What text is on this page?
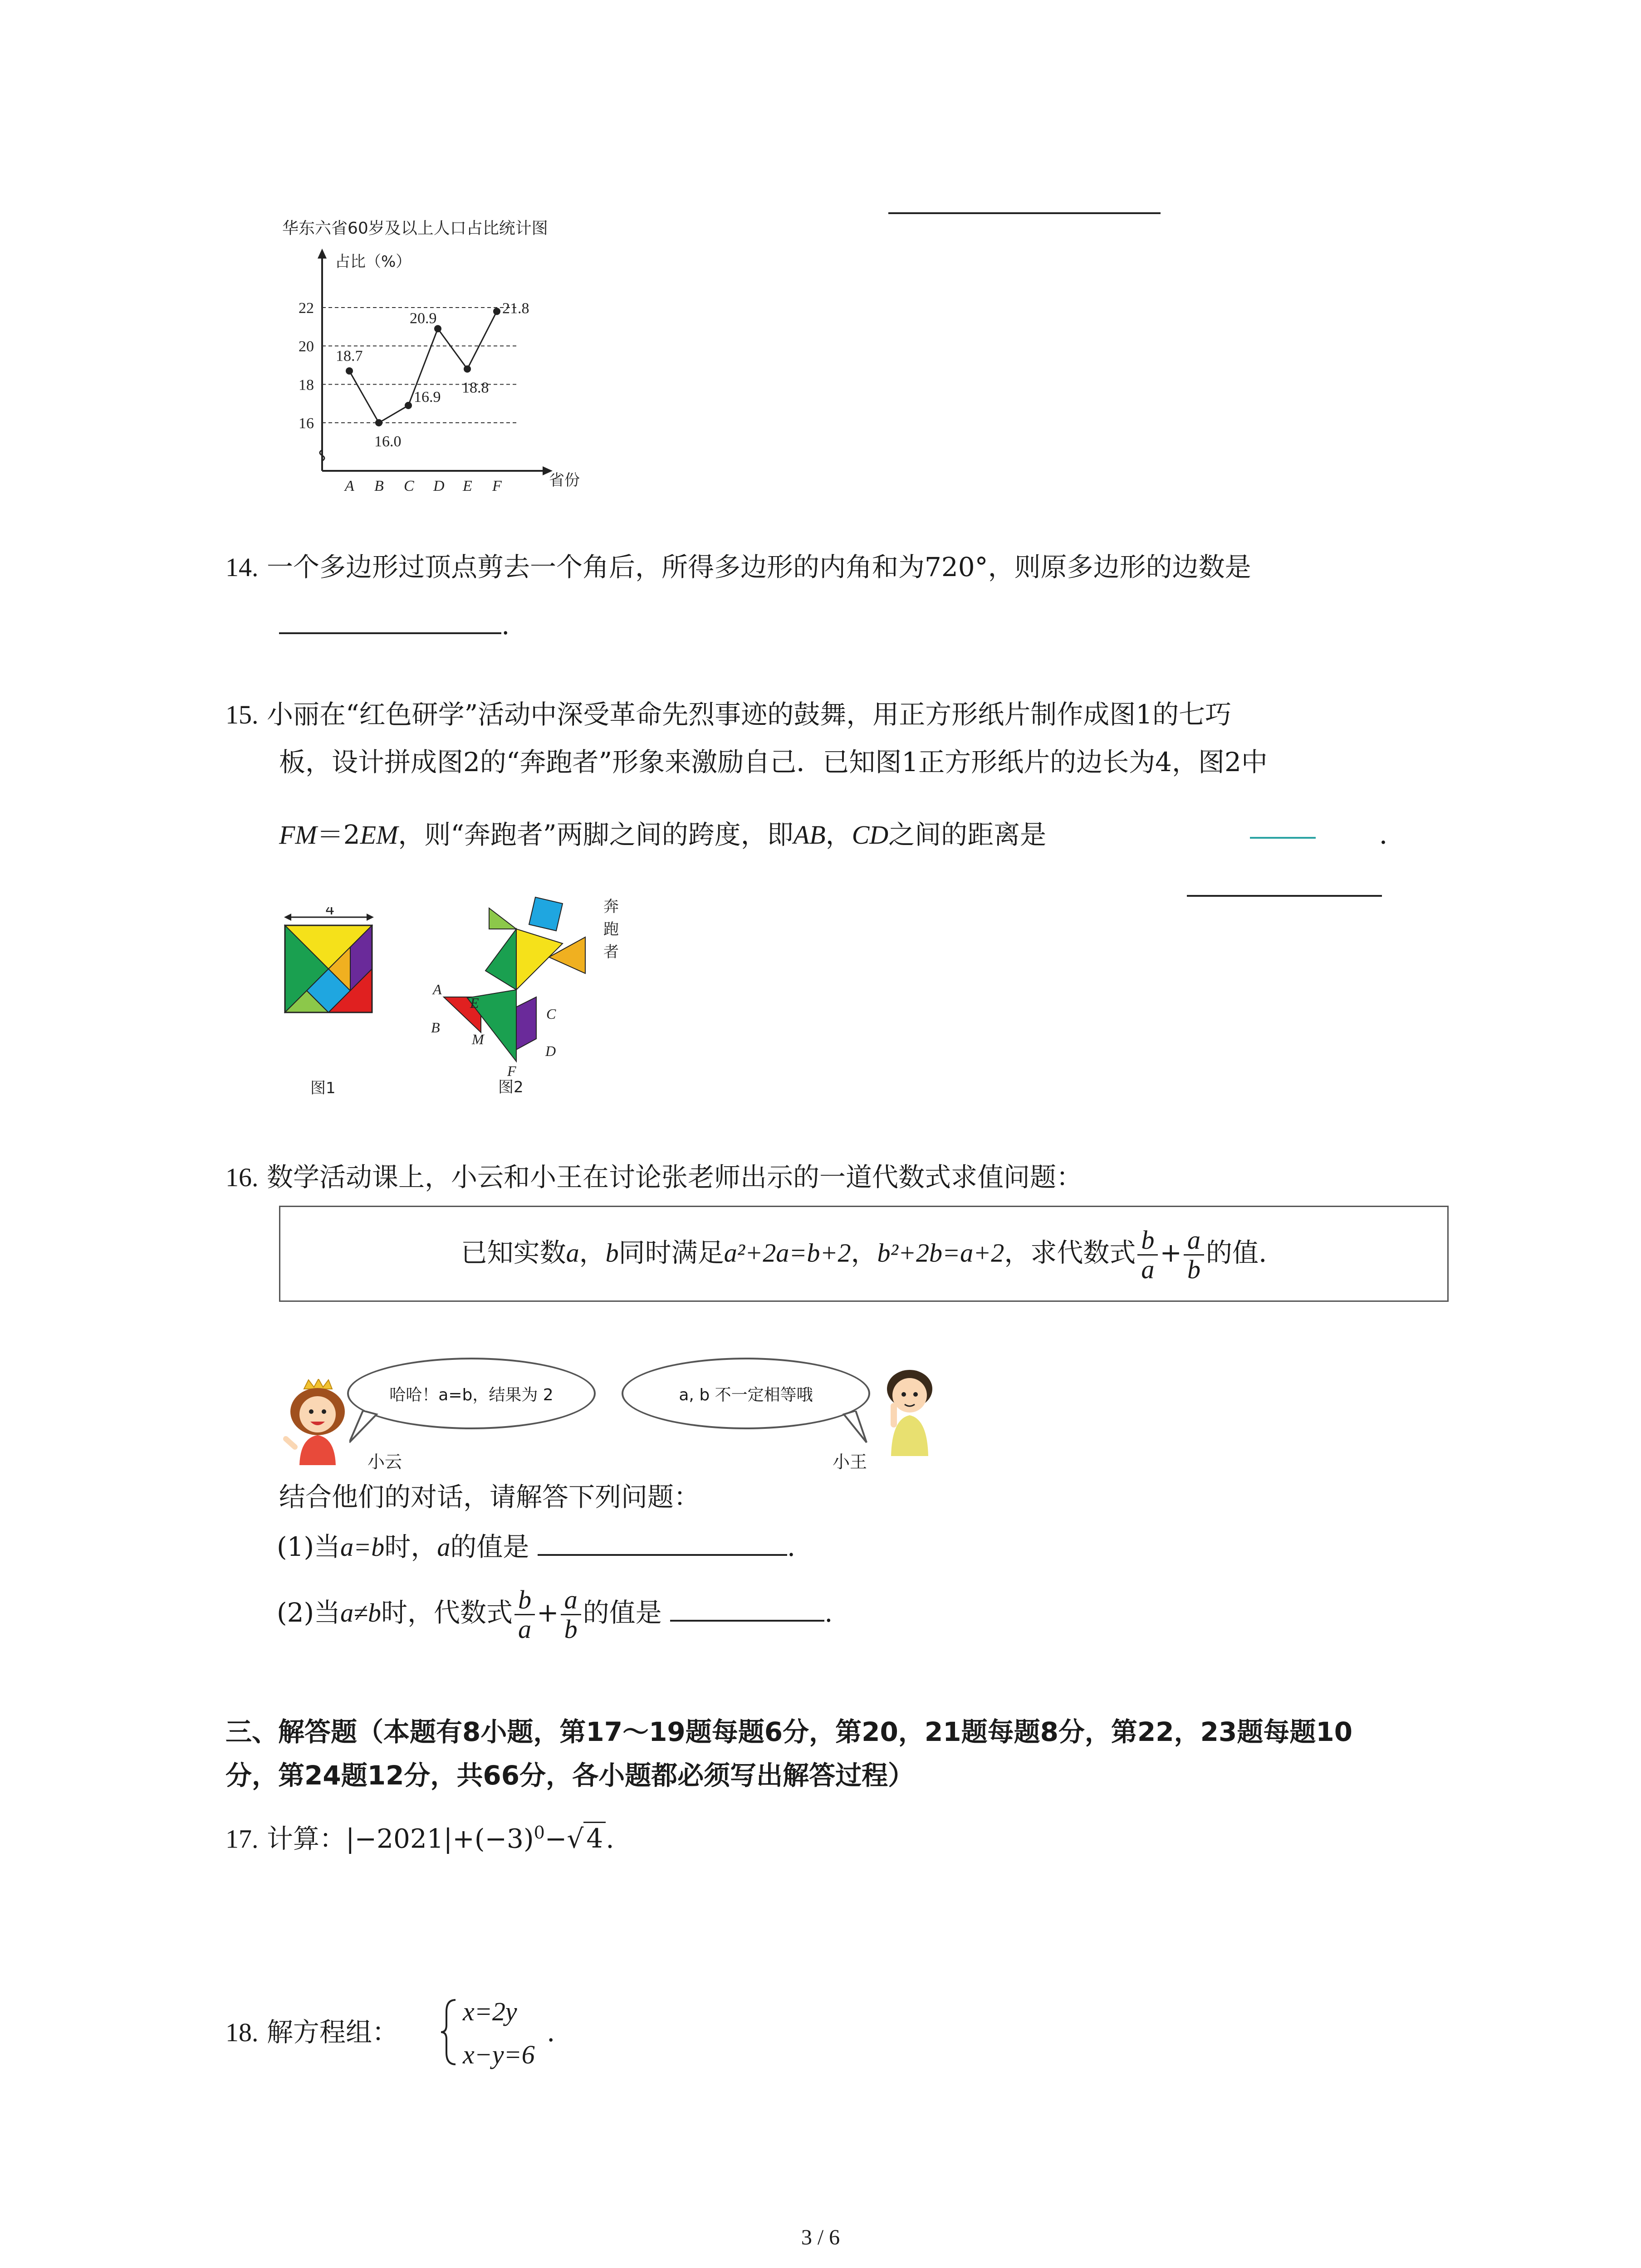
华东六省60岁及以上人口占比统计图
占比（%）
省份
16
18
20
22
A B C D E F
18.7
16.0
16.9
20.9
18.8
21.8
14. 一个多边形过顶点剪去一个角后，所得多边形的内角和为720°，则原多边形的边数是
.
15. 小丽在“红色研学”活动中深受革命先烈事迹的鼓舞，用正方形纸片制作成图1的七巧
板，设计拼成图2的“奔跑者”形象来激励自己．已知图1正方形纸片的边长为4，图2中
FM＝2EM，则“奔跑者”两脚之间的跨度，即AB，CD之间的距离是	．
4
图1
奔
跑
者
A
E
B
M
C
D
F
图2
16. 数学活动课上，小云和小王在讨论张老师出示的一道代数式求值问题：
已知实数a，b同时满足a²+2a=b+2，b²+2b=a+2，求代数式 $\frac{b}{a} + \frac{a}{b}$ 的值.
哈哈！a=b，结果为 2
小云
a, b 不一定相等哦
小王
结合他们的对话，请解答下列问题：
(1)当a=b时，a的值是	.
(2)当a≠b时，代数式 $\frac{b}{a} + \frac{a}{b}$ 的值是	.
三、解答题（本题有8小题，第17～19题每题6分，第20，21题每题8分，第22，23题每题10
分，第24题12分，共66分，各小题都必须写出解答过程）
17. 计算：$|-2021|+(-3)^0-√$ 4 .
18. 解方程组：
x=2y
x−y=6
.
3 / 6
